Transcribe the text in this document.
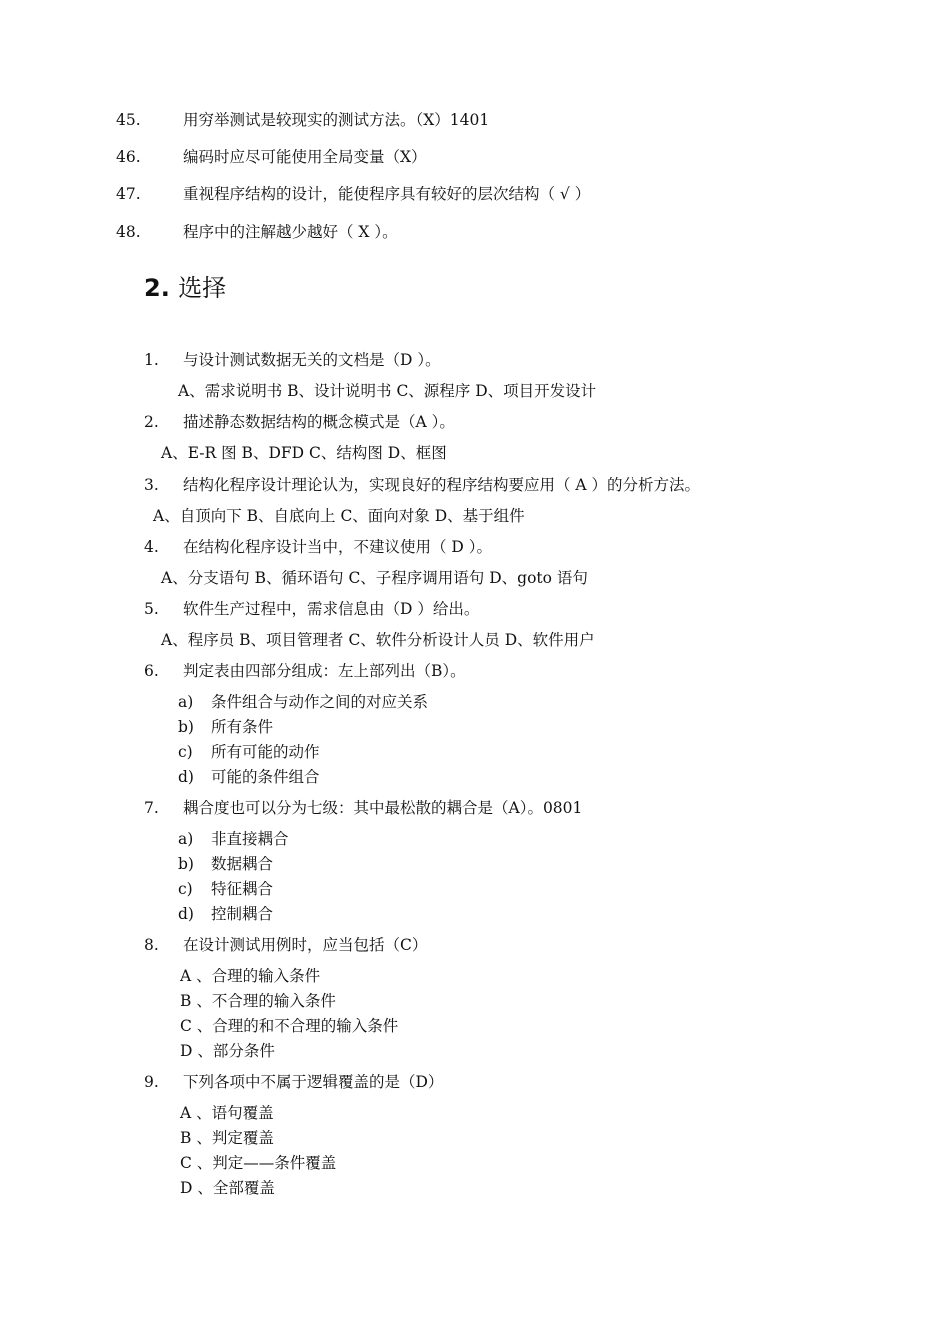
45.	用穷举测试是较现实的测试方法。（X）1401
46.	编码时应尽可能使用全局变量（X）
47.	重视程序结构的设计，能使程序具有较好的层次结构（ √ ）
48.	程序中的注解越少越好（ X ）。
2. 选择
1. 与设计测试数据无关的文档是（D ）。
A、需求说明书 B、设计说明书 C、源程序 D、项目开发设计
2. 描述静态数据结构的概念模式是（A ）。
A、E-R 图 B、DFD C、结构图 D、框图
3. 结构化程序设计理论认为，实现良好的程序结构要应用（ A ）的分析方法。
A、自顶向下 B、自底向上 C、面向对象 D、基于组件
4. 在结构化程序设计当中，不建议使用（ D ）。
A、分支语句 B、循环语句 C、子程序调用语句 D、goto 语句
5. 软件生产过程中，需求信息由（D ）给出。
A、程序员 B、项目管理者 C、软件分析设计人员 D、软件用户
6. 判定表由四部分组成：左上部列出（B）。
a) 条件组合与动作之间的对应关系
b) 所有条件
c) 所有可能的动作
d) 可能的条件组合
7. 耦合度也可以分为七级：其中最松散的耦合是（A）。0801
a) 非直接耦合
b) 数据耦合
c) 特征耦合
d) 控制耦合
8. 在设计测试用例时，应当包括（C）
A 、合理的输入条件
B 、不合理的输入条件
C 、合理的和不合理的输入条件
D 、部分条件
9. 下列各项中不属于逻辑覆盖的是（D）
A 、语句覆盖
B 、判定覆盖
C 、判定——条件覆盖
D 、全部覆盖
